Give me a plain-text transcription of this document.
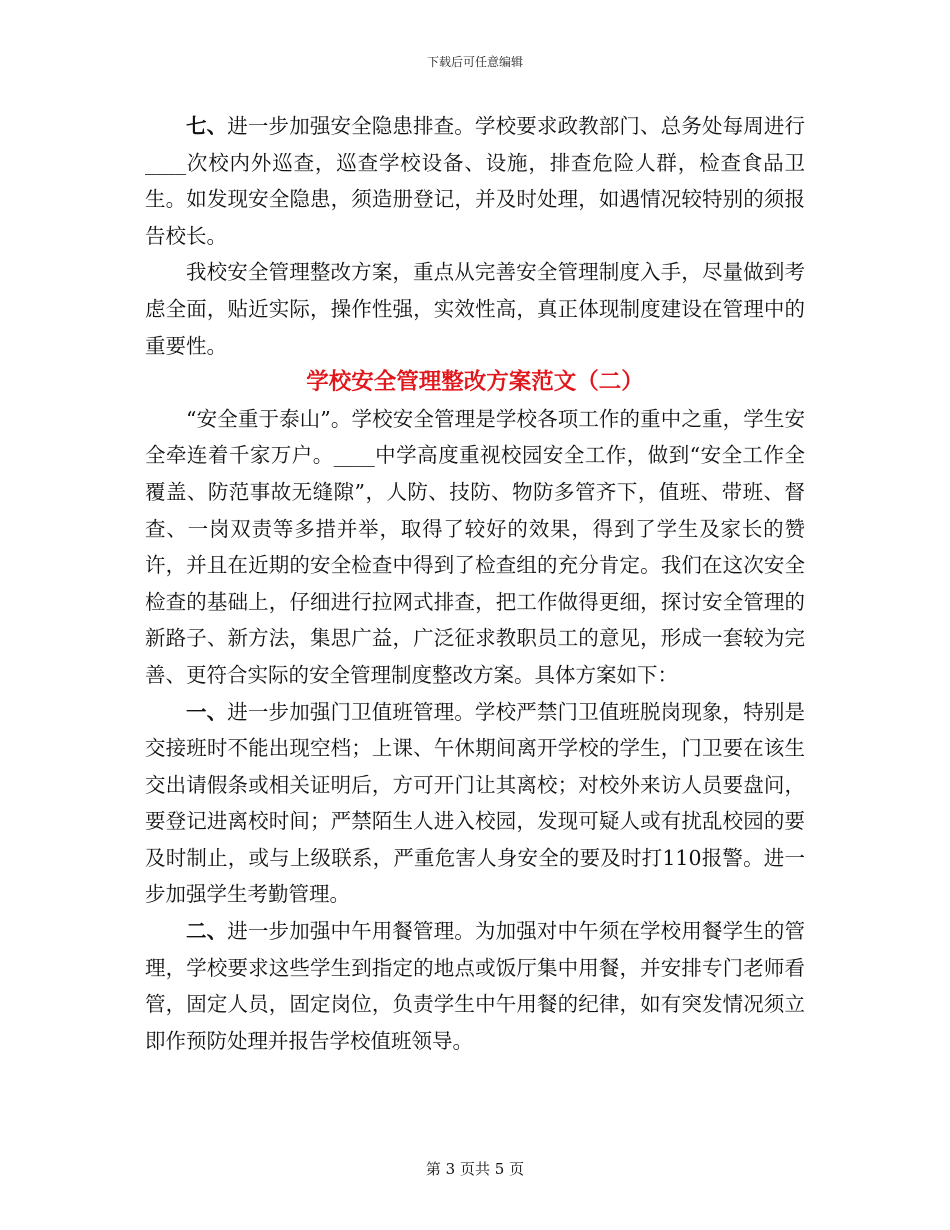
下载后可任意编辑

七、进一步加强安全隐患排查。学校要求政教部门、总务处每周进行____次校内外巡查，巡查学校设备、设施，排查危险人群，检查食品卫生。如发现安全隐患，须造册登记，并及时处理，如遇情况较特别的须报告校长。

我校安全管理整改方案，重点从完善安全管理制度入手，尽量做到考虑全面，贴近实际，操作性强，实效性高，真正体现制度建设在管理中的重要性。

学校安全管理整改方案范文（二）

“安全重于泰山”。学校安全管理是学校各项工作的重中之重，学生安全牵连着千家万户。____中学高度重视校园安全工作，做到“安全工作全覆盖、防范事故无缝隙”，人防、技防、物防多管齐下，值班、带班、督查、一岗双责等多措并举，取得了较好的效果，得到了学生及家长的赞许，并且在近期的安全检查中得到了检查组的充分肯定。我们在这次安全检查的基础上，仔细进行拉网式排查，把工作做得更细，探讨安全管理的新路子、新方法，集思广益，广泛征求教职员工的意见，形成一套较为完善、更符合实际的安全管理制度整改方案。具体方案如下：

一、进一步加强门卫值班管理。学校严禁门卫值班脱岗现象，特别是交接班时不能出现空档；上课、午休期间离开学校的学生，门卫要在该生交出请假条或相关证明后，方可开门让其离校；对校外来访人员要盘问，要登记进离校时间；严禁陌生人进入校园，发现可疑人或有扰乱校园的要及时制止，或与上级联系，严重危害人身安全的要及时打110报警。进一步加强学生考勤管理。

二、进一步加强中午用餐管理。为加强对中午须在学校用餐学生的管理，学校要求这些学生到指定的地点或饭厅集中用餐，并安排专门老师看管，固定人员，固定岗位，负责学生中午用餐的纪律，如有突发情况须立即作预防处理并报告学校值班领导。

第 3 页共 5 页
